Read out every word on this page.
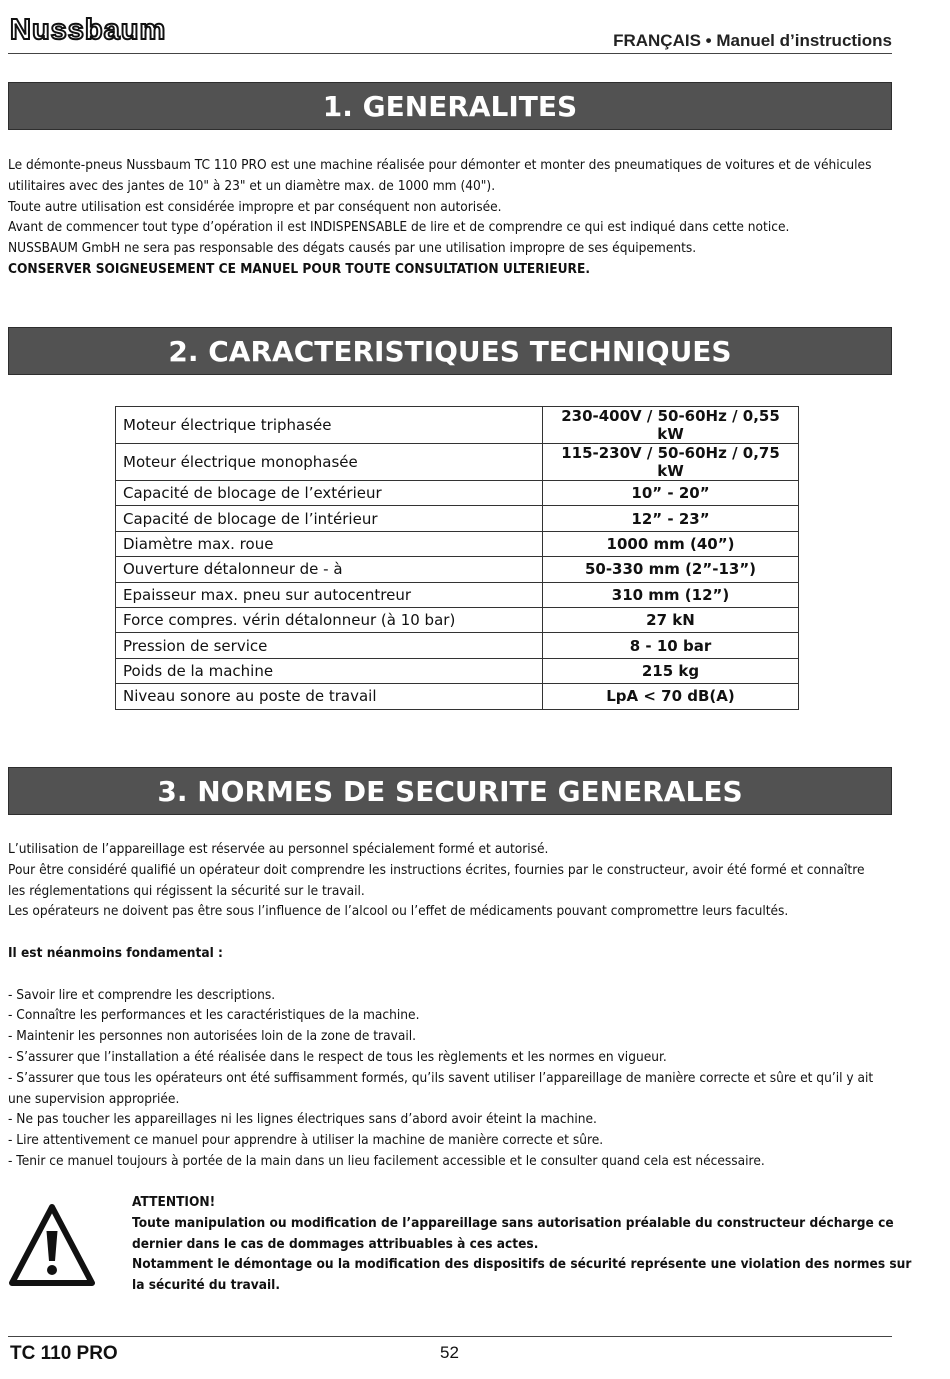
Nussbaum	FRANÇAIS • Manuel d’instructions
1. GENERALITES

Le démonte-pneus Nussbaum TC 110 PRO est une machine réalisée pour démonter et monter des pneumatiques de voitures et de véhicules

utilitaires avec des jantes de 10" à 23" et un diamètre max. de 1000 mm (40").

Toute autre utilisation est considérée impropre et par conséquent non autorisée.

Avant de commencer tout type d’opération il est INDISPENSABLE de lire et de comprendre ce qui est indiqué dans cette notice.

NUSSBAUM GmbH ne sera pas responsable des dégats causés par une utilisation impropre de ses équipements.

CONSERVER SOIGNEUSEMENT CE MANUEL POUR TOUTE CONSULTATION ULTERIEURE.

2. CARACTERISTIQUES TECHNIQUES
Moteur électrique triphasée	230-400V / 50-60Hz / 0,55 kW
Moteur électrique monophasée	115-230V / 50-60Hz / 0,75 kW
Capacité de blocage de l’extérieur	10” - 20”
Capacité de blocage de l’intérieur	12” - 23”
Diamètre max. roue	1000 mm (40”)
Ouverture détalonneur de - à	50-330 mm (2”-13”)
Epaisseur max. pneu sur autocentreur	310 mm (12”)
Force compres. vérin détalonneur (à 10 bar)	27 kN
Pression de service	8 - 10 bar
Poids de la machine	215 kg
Niveau sonore au poste de travail	LpA < 70 dB(A)
3. NORMES DE SECURITE GENERALES

L’utilisation de l’appareillage est réservée au personnel spécialement formé et autorisé.

Pour être considéré qualifié un opérateur doit comprendre les instructions écrites, fournies par le constructeur, avoir été formé et connaître

les réglementations qui régissent la sécurité sur le travail.

Les opérateurs ne doivent pas être sous l’influence de l’alcool ou l’effet de médicaments pouvant compromettre leurs facultés.

Il est néanmoins fondamental :

- Savoir lire et comprendre les descriptions.

- Connaître les performances et les caractéristiques de la machine.

- Maintenir les personnes non autorisées loin de la zone de travail.

- S’assurer que l’installation a été réalisée dans le respect de tous les règlements et les normes en vigueur.

- S’assurer que tous les opérateurs ont été suffisamment formés, qu’ils savent utiliser l’appareillage de manière correcte et sûre et qu’il y ait

une supervision appropriée.

- Ne pas toucher les appareillages ni les lignes électriques sans d’abord avoir éteint la machine.

- Lire attentivement ce manuel pour apprendre à utiliser la machine de manière correcte et sûre.

- Tenir ce manuel toujours à portée de la main dans un lieu facilement accessible et le consulter quand cela est nécessaire.

ATTENTION!

Toute manipulation ou modification de l’appareillage sans autorisation préalable du constructeur décharge ce

dernier dans le cas de dommages attribuables à ces actes.

Notamment le démontage ou la modification des dispositifs de sécurité représente une violation des normes sur

la sécurité du travail.

TC 110 PRO	52
